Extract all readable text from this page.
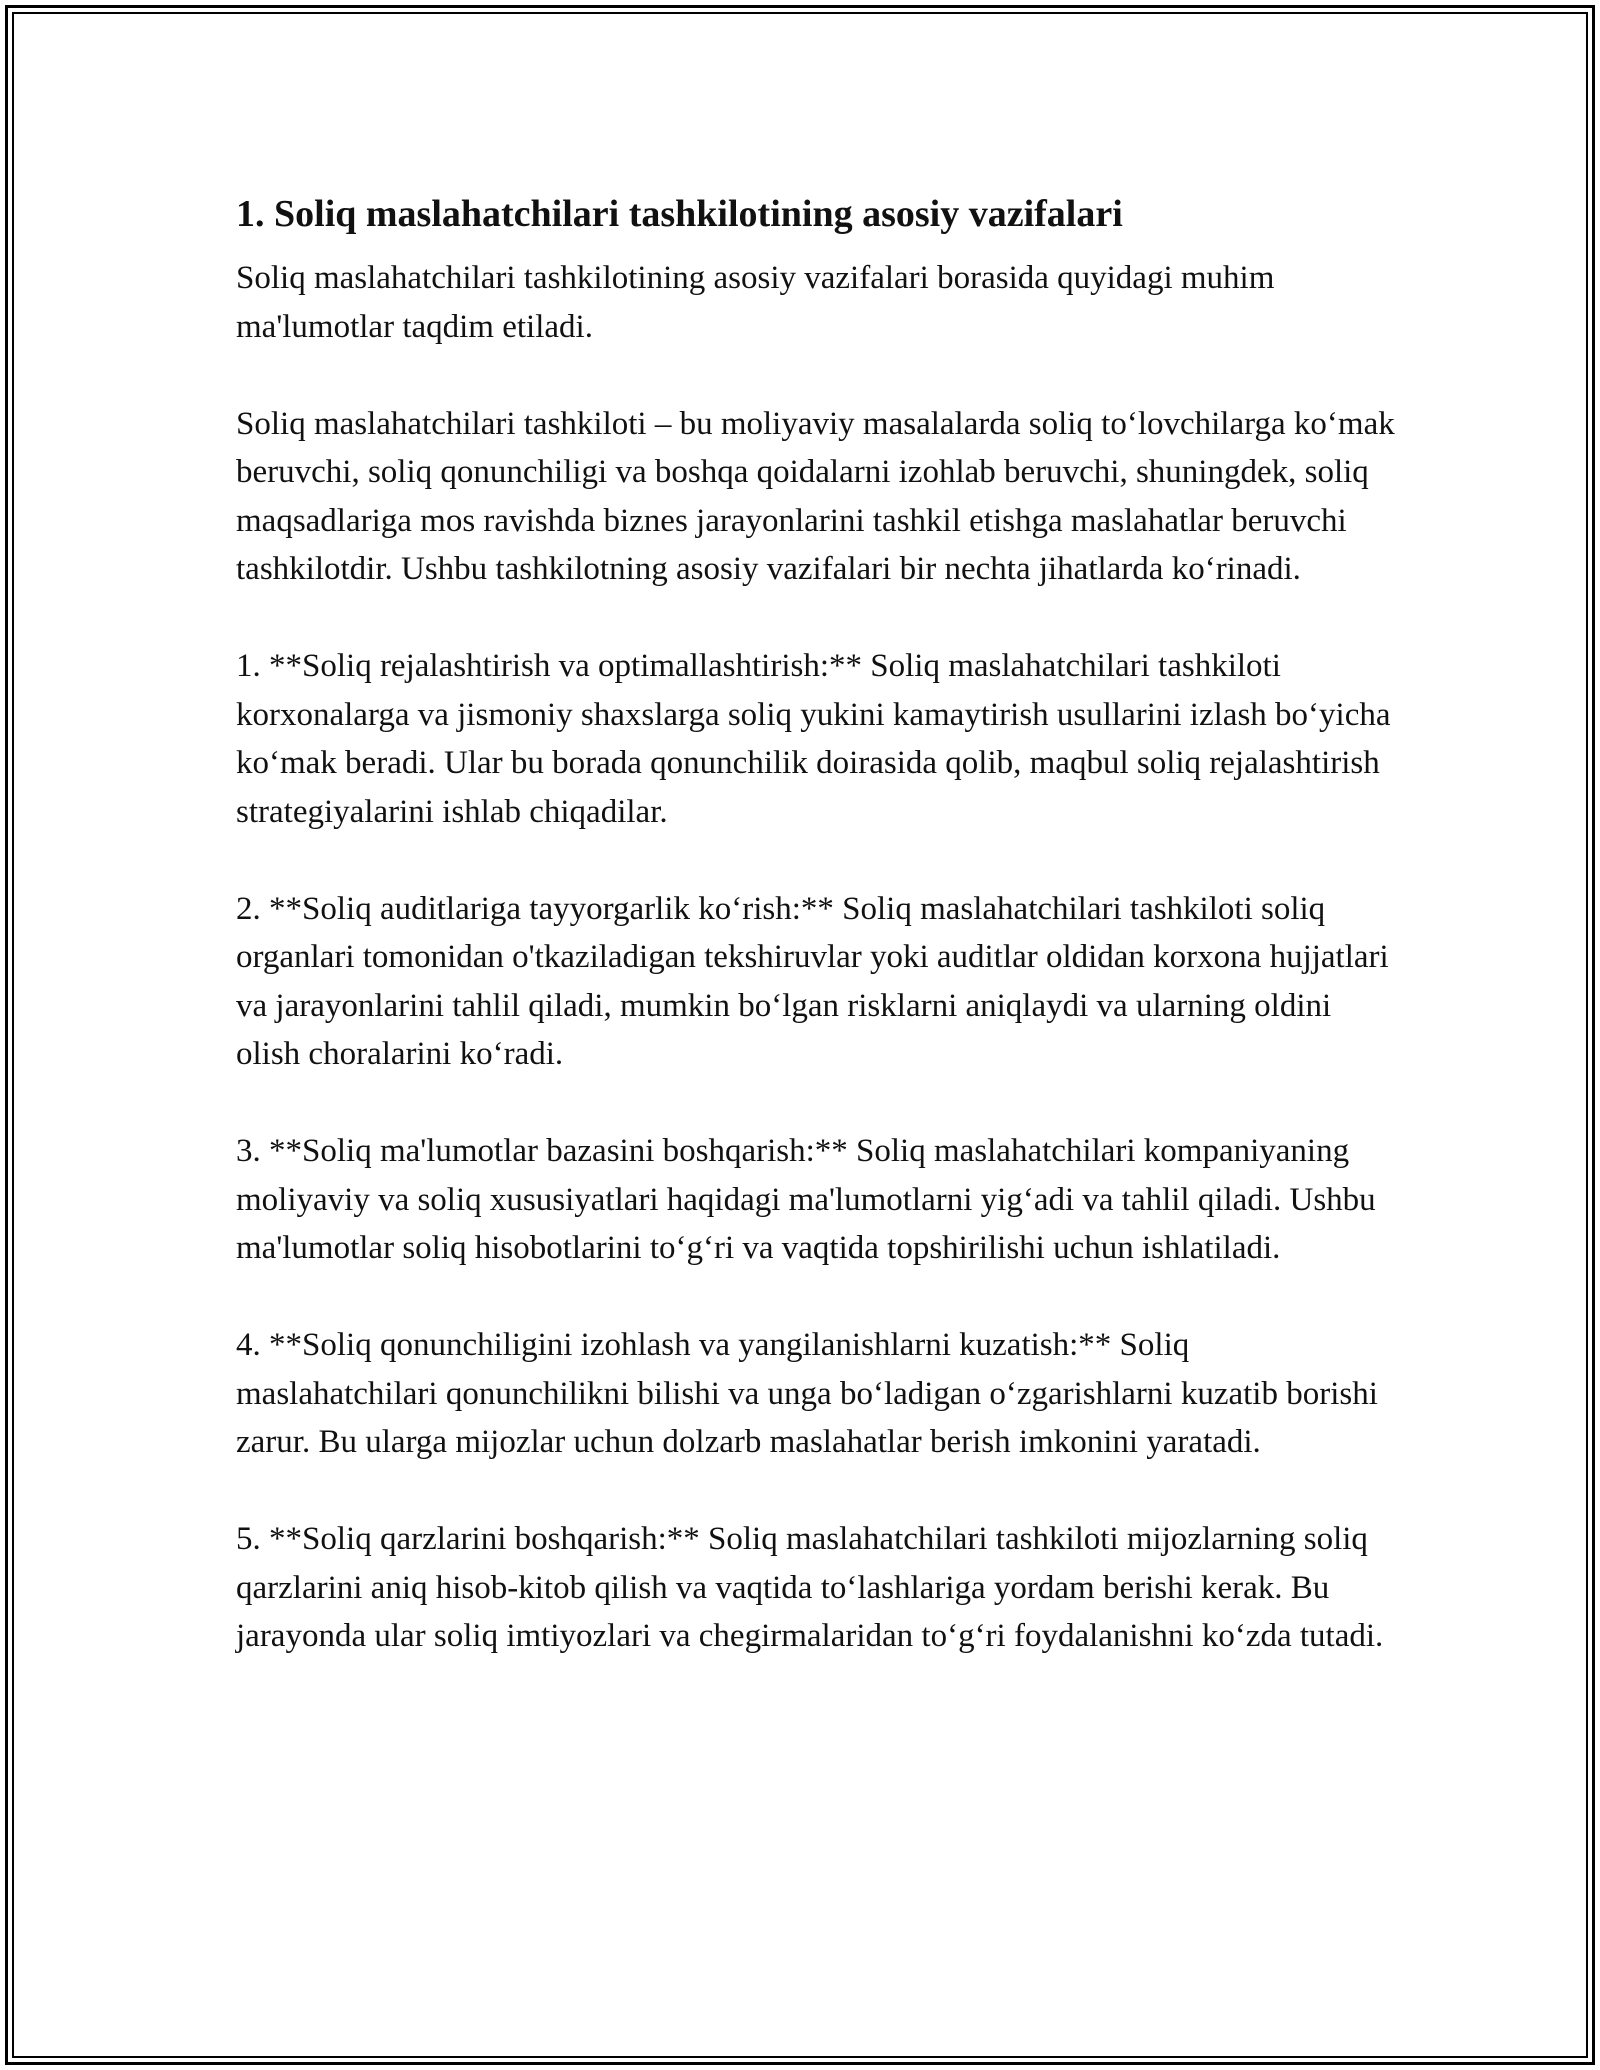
1. Soliq maslahatchilari tashkilotining asosiy vazifalari

Soliq maslahatchilari tashkilotining asosiy vazifalari borasida quyidagi muhim ma'lumotlar taqdim etiladi.

Soliq maslahatchilari tashkiloti – bu moliyaviy masalalarda soliq to‘lovchilarga ko‘mak beruvchi, soliq qonunchiligi va boshqa qoidalarni izohlab beruvchi, shuningdek, soliq maqsadlariga mos ravishda biznes jarayonlarini tashkil etishga maslahatlar beruvchi tashkilotdir. Ushbu tashkilotning asosiy vazifalari bir nechta jihatlarda ko‘rinadi.

1. **Soliq rejalashtirish va optimallashtirish:** Soliq maslahatchilari tashkiloti korxonalarga va jismoniy shaxslarga soliq yukini kamaytirish usullarini izlash bo‘yicha ko‘mak beradi. Ular bu borada qonunchilik doirasida qolib, maqbul soliq rejalashtirish strategiyalarini ishlab chiqadilar.

2. **Soliq auditlariga tayyorgarlik ko‘rish:** Soliq maslahatchilari tashkiloti soliq organlari tomonidan o'tkaziladigan tekshiruvlar yoki auditlar oldidan korxona hujjatlari va jarayonlarini tahlil qiladi, mumkin bo‘lgan risklarni aniqlaydi va ularning oldini olish choralarini ko‘radi.

3. **Soliq ma'lumotlar bazasini boshqarish:** Soliq maslahatchilari kompaniyaning moliyaviy va soliq xususiyatlari haqidagi ma'lumotlarni yig‘adi va tahlil qiladi. Ushbu ma'lumotlar soliq hisobotlarini to‘g‘ri va vaqtida topshirilishi uchun ishlatiladi.

4. **Soliq qonunchiligini izohlash va yangilanishlarni kuzatish:** Soliq maslahatchilari qonunchilikni bilishi va unga bo‘ladigan o‘zgarishlarni kuzatib borishi zarur. Bu ularga mijozlar uchun dolzarb maslahatlar berish imkonini yaratadi.

5. **Soliq qarzlarini boshqarish:** Soliq maslahatchilari tashkiloti mijozlarning soliq qarzlarini aniq hisob-kitob qilish va vaqtida to‘lashlariga yordam berishi kerak. Bu jarayonda ular soliq imtiyozlari va chegirmalaridan to‘g‘ri foydalanishni ko‘zda tutadi.
